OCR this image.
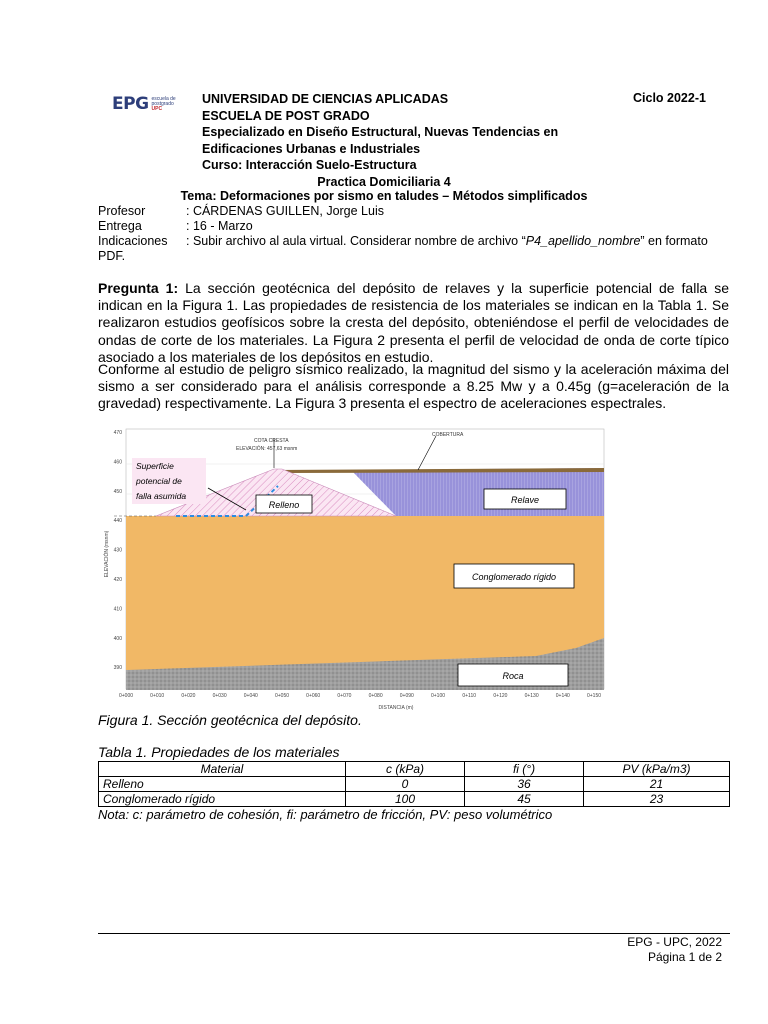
EPG escuela de
postgrado
UPC
UNIVERSIDAD DE CIENCIAS APLICADAS
ESCUELA DE POST GRADO
Especializado en Diseño Estructural, Nuevas Tendencias en
Edificaciones Urbanas e Industriales
Curso: Interacción Suelo-Estructura
Ciclo 2022-1
Practica Domiciliaria 4
Tema: Deformaciones por sismo en taludes – Métodos simplificados
Profesor	: CÁRDENAS GUILLEN, Jorge Luis
Entrega	: 16 - Marzo
Indicaciones : Subir archivo al aula virtual. Considerar nombre de archivo “P4_apellido_nombre” en formato
PDF.
Pregunta 1: La sección geotécnica del depósito de relaves y la superficie potencial de falla se indican en la Figura 1. Las propiedades de resistencia de los materiales se indican en la Tabla 1. Se realizaron estudios geofísicos sobre la cresta del depósito, obteniéndose el perfil de velocidades de ondas de corte de los materiales. La Figura 2 presenta el perfil de velocidad de onda de corte típico asociado a los materiales de los depósitos en estudio.
Conforme al estudio de peligro sísmico realizado, la magnitud del sismo y la aceleración máxima del sismo a ser considerado para el análisis corresponde a 8.25 Mw y a 0.45g (g=aceleración de la gravedad) respectivamente. La Figura 3 presenta el espectro de aceleraciones espectrales.
COTA CRESTA
ELEVACIÓN: 457,63 msnm
COBERTURA
Superficie
potencial de
falla asumida
Relleno	Relave
Conglomerado rígido
Roca
ELEVACIÓN (msnm)
DISTANCIA (m)
470
460
450
440
430
420
410
400
390
0+000	0+010	0+020	0+030	0+040	0+050	0+060	0+070	0+080	0+090	0+100	0+110	0+120	0+130	0+140	0+150
Figura 1. Sección geotécnica del depósito.
Tabla 1. Propiedades de los materiales
Material	c (kPa)	fi (°)	PV (kPa/m3)
Relleno	0	36	21
Conglomerado rígido	100	45	23
Nota: c: parámetro de cohesión, fi: parámetro de fricción, PV: peso volumétrico
EPG - UPC, 2022
Página 1 de 2
